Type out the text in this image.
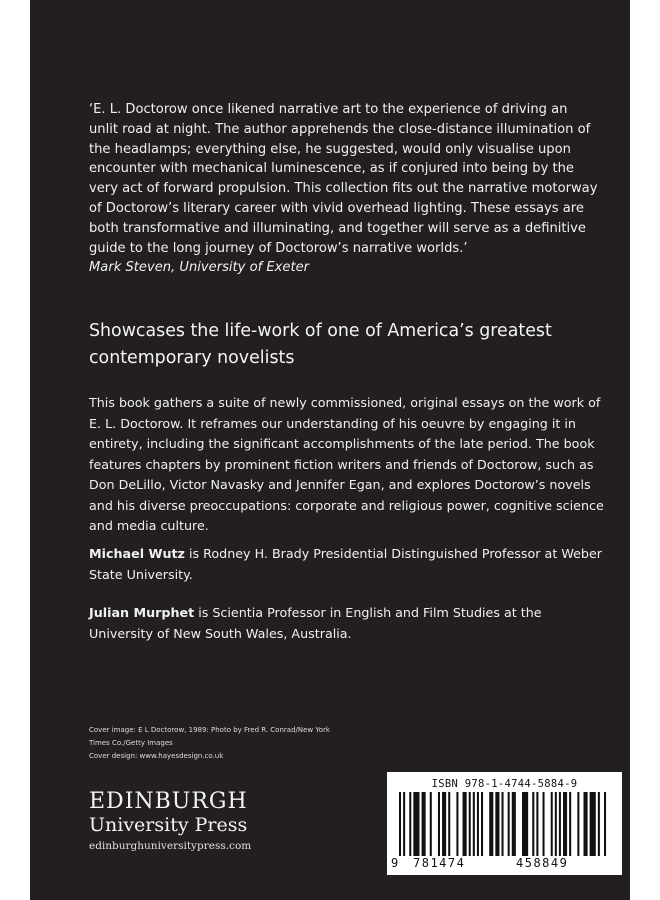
‘E. L. Doctorow once likened narrative art to the experience of driving an unlit road at night. The author apprehends the close-distance illumination of the headlamps; everything else, he suggested, would only visualise upon encounter with mechanical luminescence, as if conjured into being by the very act of forward propulsion. This collection fits out the narrative motorway of Doctorow’s literary career with vivid overhead lighting. These essays are both transformative and illuminating, and together will serve as a definitive guide to the long journey of Doctorow’s narrative worlds.’

Mark Steven, University of Exeter

Showcases the life-work of one of America’s greatest contemporary novelists
This book gathers a suite of newly commissioned, original essays on the work of E. L. Doctorow. It reframes our understanding of his oeuvre by engaging it in entirety, including the significant accomplishments of the late period. The book features chapters by prominent fiction writers and friends of Doctorow, such as Don DeLillo, Victor Navasky and Jennifer Egan, and explores Doctorow’s novels and his diverse preoccupations: corporate and religious power, cognitive science and media culture.
Michael Wutz is Rodney H. Brady Presidential Distinguished Professor at Weber State University.
Julian Murphet is Scientia Professor in English and Film Studies at the University of New South Wales, Australia.
Cover image: E L Doctorow, 1989: Photo by Fred R. Conrad/New York
Times Co./Getty Images
Cover design: www.hayesdesign.co.uk
EDINBURGH
University Press
edinburghuniversitypress.com
ISBN 978-1-4744-5884-9
9 781474	458849
